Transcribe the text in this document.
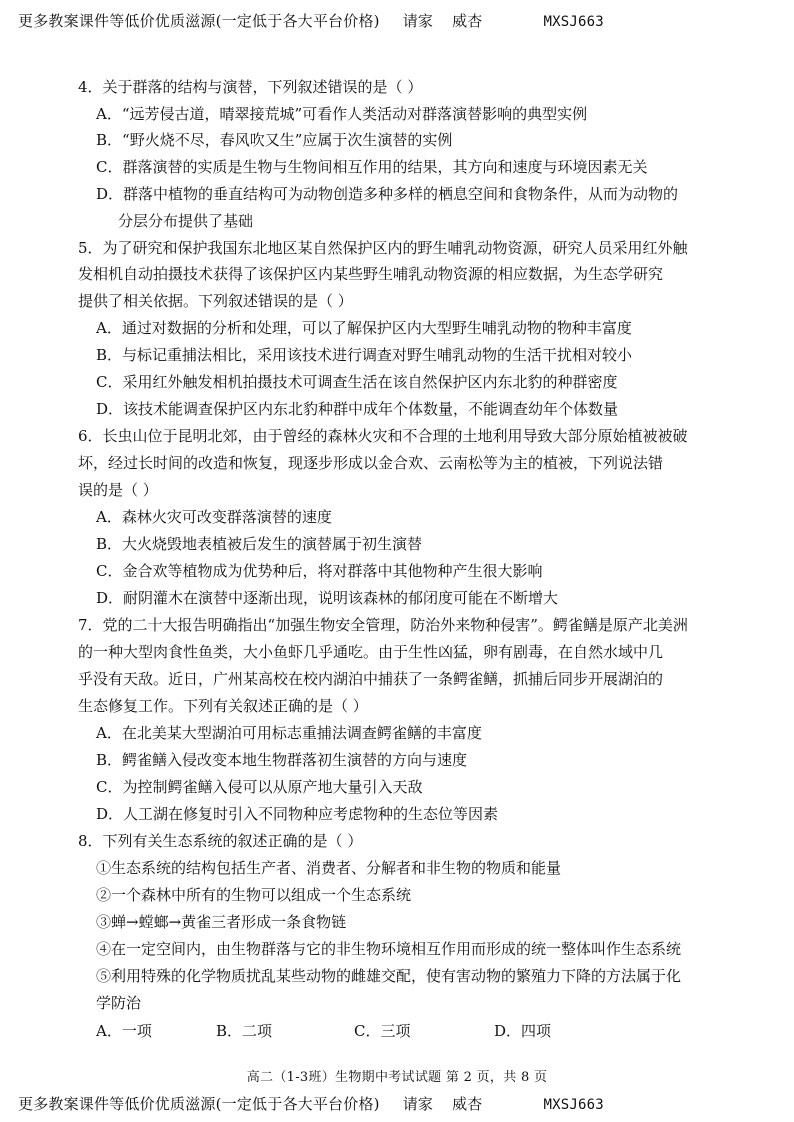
更多教案课件等低价优质滋源(一定低于各大平台价格) 请家 威杏	MXSJ663
4．关于群落的结构与演替，下列叙述错误的是（ ）
A．“远芳侵古道，晴翠接荒城”可看作人类活动对群落演替影响的典型实例
B．“野火烧不尽，春风吹又生”应属于次生演替的实例
C．群落演替的实质是生物与生物间相互作用的结果，其方向和速度与环境因素无关
D．群落中植物的垂直结构可为动物创造多种多样的栖息空间和食物条件，从而为动物的
分层分布提供了基础
5．为了研究和保护我国东北地区某自然保护区内的野生哺乳动物资源，研究人员采用红外触
发相机自动拍摄技术获得了该保护区内某些野生哺乳动物资源的相应数据，为生态学研究
提供了相关依据。下列叙述错误的是（ ）
A．通过对数据的分析和处理，可以了解保护区内大型野生哺乳动物的物种丰富度
B．与标记重捕法相比，采用该技术进行调查对野生哺乳动物的生活干扰相对较小
C．采用红外触发相机拍摄技术可调查生活在该自然保护区内东北豹的种群密度
D．该技术能调查保护区内东北豹种群中成年个体数量，不能调查幼年个体数量
6．长虫山位于昆明北郊，由于曾经的森林火灾和不合理的土地利用导致大部分原始植被被破
坏，经过长时间的改造和恢复，现逐步形成以金合欢、云南松等为主的植被，下列说法错
误的是（ ）
A．森林火灾可改变群落演替的速度
B．大火烧毁地表植被后发生的演替属于初生演替
C．金合欢等植物成为优势种后，将对群落中其他物种产生很大影响
D．耐阴灌木在演替中逐渐出现，说明该森林的郁闭度可能在不断增大
7．党的二十大报告明确指出“加强生物安全管理，防治外来物种侵害”。鳄雀鳝是原产北美洲
的一种大型肉食性鱼类，大小鱼虾几乎通吃。由于生性凶猛，卵有剧毒，在自然水域中几
乎没有天敌。近日，广州某高校在校内湖泊中捕获了一条鳄雀鳝，抓捕后同步开展湖泊的
生态修复工作。下列有关叙述正确的是（ ）
A．在北美某大型湖泊可用标志重捕法调查鳄雀鳝的丰富度
B．鳄雀鳝入侵改变本地生物群落初生演替的方向与速度
C．为控制鳄雀鳝入侵可以从原产地大量引入天敌
D．人工湖在修复时引入不同物种应考虑物种的生态位等因素
8．下列有关生态系统的叙述正确的是（ ）
①生态系统的结构包括生产者、消费者、分解者和非生物的物质和能量
②一个森林中所有的生物可以组成一个生态系统
③蝉→螳螂→黄雀三者形成一条食物链
④在一定空间内，由生物群落与它的非生物环境相互作用而形成的统一整体叫作生态系统
⑤利用特殊的化学物质扰乱某些动物的雌雄交配，使有害动物的繁殖力下降的方法属于化
学防治
A．一项	B．二项	C．三项	D．四项
高二（1-3班）生物期中考试试题 第 2 页，共 8 页
更多教案课件等低价优质滋源(一定低于各大平台价格) 请家 威杏	MXSJ663
